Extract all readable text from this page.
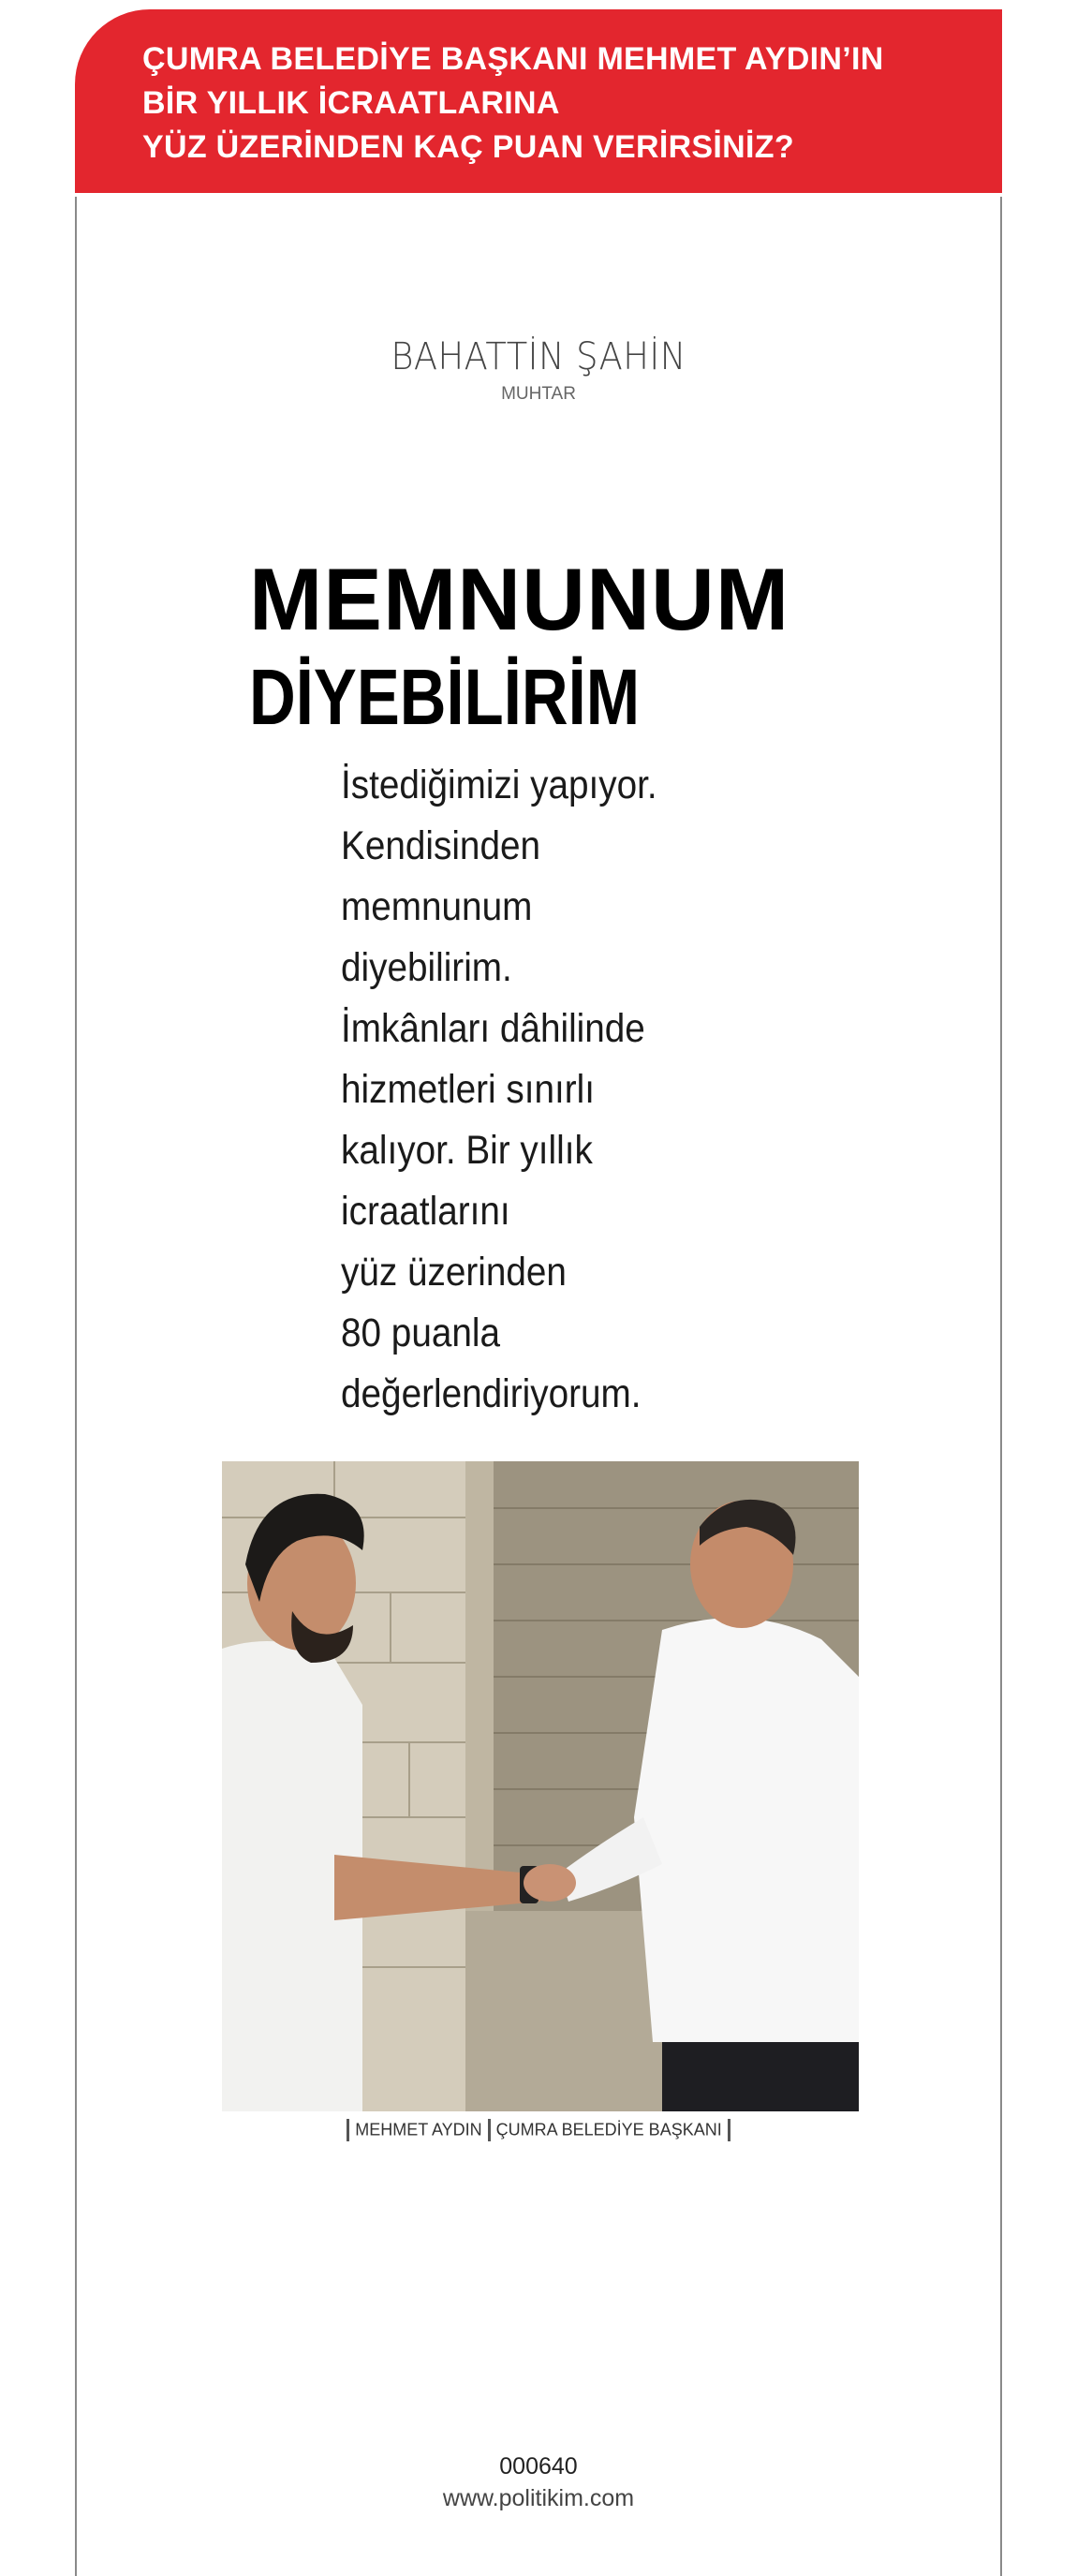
ÇUMRA BELEDİYE BAŞKANI MEHMET AYDIN’IN
BİR YILLIK İCRAATLARINA
YÜZ ÜZERİNDEN KAÇ PUAN VERİRSİNİZ?
BAHATTİN ŞAHİN
MUHTAR
MEMNUNUM
DİYEBİLİRİM
İstediğimizi yapıyor.
Kendisinden
memnunum
diyebilirim.
İmkânları dâhilinde
hizmetleri sınırlı
kalıyor. Bir yıllık
icraatlarını
yüz üzerinden
80 puanla
değerlendiriyorum.
MEHMET AYDIN ÇUMRA BELEDİYE BAŞKANI
000640
www.politikim.com
